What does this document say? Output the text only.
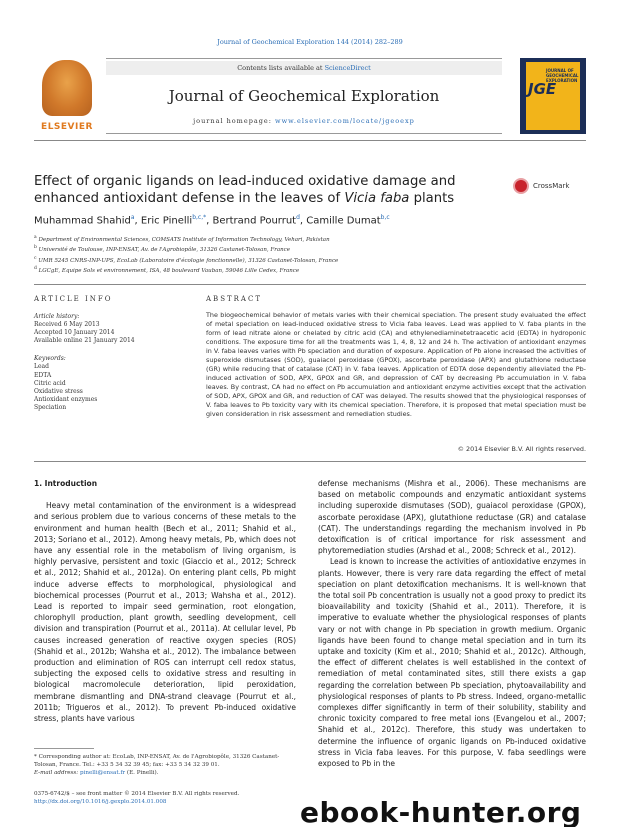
Journal of Geochemical Exploration 144 (2014) 282–289
ELSEVIER
Contents lists available at ScienceDirect
Journal of Geochemical Exploration
journal homepage: www.elsevier.com/locate/jgeoexp
JOURNAL OF GEOCHEMICAL EXPLORATION
JGE
Effect of organic ligands on lead-induced oxidative damage and
enhanced antioxidant defense in the leaves of Vicia faba plants
CrossMark
Muhammad Shahid$^a$, Eric Pinelli$^{b,c,*}$, Bertrand Pourrut$^d$, Camille Dumat$^{b,c}$
$^a$ Department of Environmental Sciences, COMSATS Institute of Information Technology, Vehari, Pakistan
$^b$ Université de Toulouse, INP-ENSAT, Av. de l'Agrobiopôle, 31326 Castanet-Tolosan, France
$^c$ UMR 5245 CNRS-INP-UPS, EcoLab (Laboratoire d'écologie fonctionnelle), 31326 Castanet-Tolosan, France
$^d$ LGCgE, Equipe Sols et environnement, ISA, 48 boulevard Vauban, 59046 Lille Cedex, France
ARTICLE INFO	ABSTRACT
Article history:
Received 6 May 2013
Accepted 10 January 2014
Available online 21 January 2014
Keywords:
Lead
EDTA
Citric acid
Oxidative stress
Antioxidant enzymes
Speciation
The biogeochemical behavior of metals varies with their chemical speciation. The present study evaluated the effect of metal speciation on lead-induced oxidative stress to Vicia faba leaves. Lead was applied to V. faba plants in the form of lead nitrate alone or chelated by citric acid (CA) and ethylenediaminetetraacetic acid (EDTA) in hydroponic conditions. The exposure time for all the treatments was 1, 4, 8, 12 and 24 h. The activation of antioxidant enzymes in V. faba leaves varies with Pb speciation and duration of exposure. Application of Pb alone increased the activities of superoxide dismutases (SOD), guaiacol peroxidase (GPOX), ascorbate peroxidase (APX) and glutathione reductase (GR) while reducing that of catalase (CAT) in V. faba leaves. Application of EDTA dose dependently alleviated the Pb-induced activation of SOD, APX, GPOX and GR, and depression of CAT by decreasing Pb accumulation in V. faba leaves. By contrast, CA had no effect on Pb accumulation and antioxidant enzyme activities except that the activation of SOD, APX, GPOX and GR, and reduction of CAT was delayed. The results showed that the physiological responses of V. faba leaves to Pb toxicity vary with its chemical speciation. Therefore, it is proposed that metal speciation must be given consideration in risk assessment and remediation studies.
© 2014 Elsevier B.V. All rights reserved.
1. Introduction

Heavy metal contamination of the environment is a widespread and serious problem due to various concerns of these metals to the environment and human health (Bech et al., 2011; Shahid et al., 2013; Soriano et al., 2012). Among heavy metals, Pb, which does not have any essential role in the metabolism of living organism, is highly pervasive, persistent and toxic (Giaccio et al., 2012; Schreck et al., 2012; Shahid et al., 2012a). On entering plant cells, Pb might induce adverse effects to morphological, physiological and biochemical processes (Pourrut et al., 2013; Wahsha et al., 2012). Lead is reported to impair seed germination, root elongation, chlorophyll production, plant growth, seedling development, cell division and transpiration (Pourrut et al., 2011a). At cellular level, Pb causes increased generation of reactive oxygen species (ROS) (Shahid et al., 2012b; Wahsha et al., 2012). The imbalance between production and elimination of ROS can interrupt cell redox status, subjecting the exposed cells to oxidative stress and resulting in biological macromolecule deterioration, lipid peroxidation, membrane dismantling and DNA-strand cleavage (Pourrut et al., 2011b; Trigueros et al., 2012). To prevent Pb-induced oxidative stress, plants have various

defense mechanisms (Mishra et al., 2006). These mechanisms are based on metabolic compounds and enzymatic antioxidant systems including superoxide dismutases (SOD), guaiacol peroxidase (GPOX), ascorbate peroxidase (APX), glutathione reductase (GR) and catalase (CAT). The understandings regarding the mechanism involved in Pb detoxification is of critical importance for risk assessment and phytoremediation studies (Arshad et al., 2008; Schreck et al., 2012).

Lead is known to increase the activities of antioxidative enzymes in plants. However, there is very rare data regarding the effect of metal speciation on plant detoxification mechanisms. It is well-known that the total soil Pb concentration is usually not a good proxy to predict its bioavailability and toxicity (Shahid et al., 2011). Therefore, it is imperative to evaluate whether the physiological responses of plants vary or not with change in Pb speciation in growth medium. Organic ligands have been found to change metal speciation and in turn its uptake and toxicity (Kim et al., 2010; Shahid et al., 2012c). Although, the effect of different chelates is well established in the context of remediation of metal contaminated sites, still there exists a gap regarding the correlation between Pb speciation, phytoavailability and physiological responses of plants to Pb stress. Indeed, organo-metallic complexes differ significantly in term of their solubility, stability and chronic toxicity compared to free metal ions (Evangelou et al., 2007; Shahid et al., 2012c). Therefore, this study was undertaken to determine the influence of organic ligands on Pb-induced oxidative stress in Vicia faba leaves. For this purpose, V. faba seedlings were exposed to Pb in the

* Corresponding author at: EcoLab, INP-ENSAT, Av. de l'Agrobiopôle, 31326 Castanet-Tolosan, France. Tel.: +33 5 34 32 39 45; fax: +33 5 34 32 39 01.
E-mail address: pinelli@ensat.fr (E. Pinelli).
0375-6742/$ – see front matter © 2014 Elsevier B.V. All rights reserved.
http://dx.doi.org/10.1016/j.gexplo.2014.01.008	ebook-hunter.org
